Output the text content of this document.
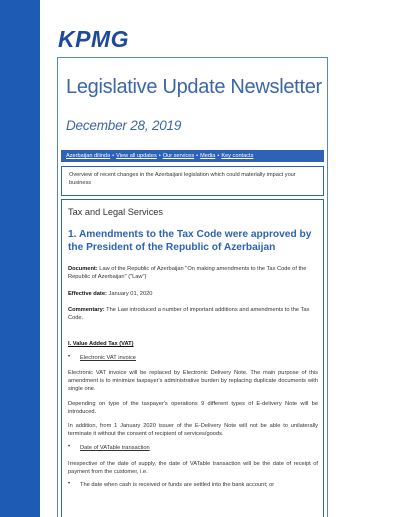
KPMG
Legislative Update Newsletter
December 28, 2019
Azerbaijan dilində • View all updates • Our services • Media • Key contacts
Overview of recent changes in the Azerbaijani legislation which could materially impact your business
Tax and Legal Services
1. Amendments to the Tax Code were approved by the President of the Republic of Azerbaijan
Document: Law of the Republic of Azerbaijan "On making amendments to the Tax Code of the Republic of Azerbaijan" ("Law")
Effective date: January 01, 2020
Commentary: The Law introduced a number of important additions and amendments to the Tax Code.
I. Value Added Tax (VAT)
• Electronic VAT invoice
Electronic VAT invoice will be replaced by Electronic Delivery Note. The main purpose of this amendment is to minimize taxpayer's administrative burden by replacing duplicate documents with single one.
Depending on type of the taxpayer's operations 9 different types of E-delivery Note will be introduced.
In addition, from 1 January 2020 issuer of the E-Delivery Note will not be able to unilaterally terminate it without the consent of recipient of services/goods.
• Date of VATable transaction
Irrespective of the date of supply, the date of VATable transaction will be the date of receipt of payment from the customer, i.e.
• The date when cash is received or funds are settled into the bank account; or
